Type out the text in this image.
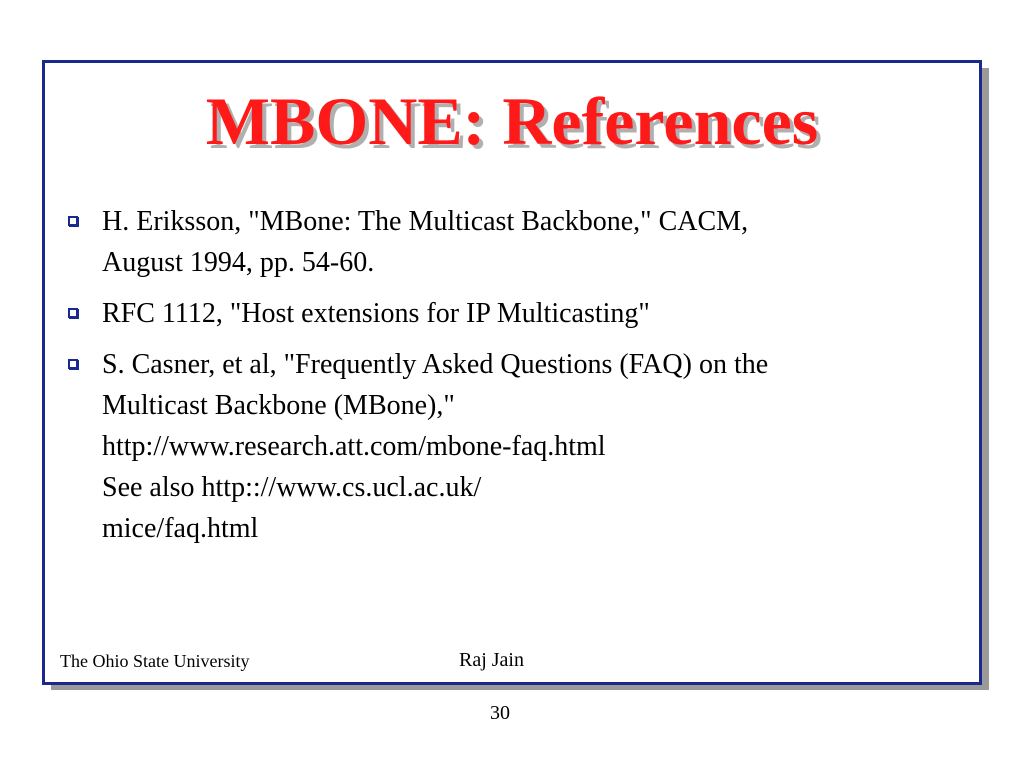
MBONE: References
H. Eriksson, "MBone: The Multicast Backbone," CACM,
August 1994, pp. 54-60.
RFC 1112, "Host extensions for IP Multicasting"
S. Casner, et al, "Frequently Asked Questions (FAQ) on the
Multicast Backbone (MBone),"
http://www.research.att.com/mbone-faq.html
See also http:://www.cs.ucl.ac.uk/
mice/faq.html
The Ohio State University	Raj Jain
30
